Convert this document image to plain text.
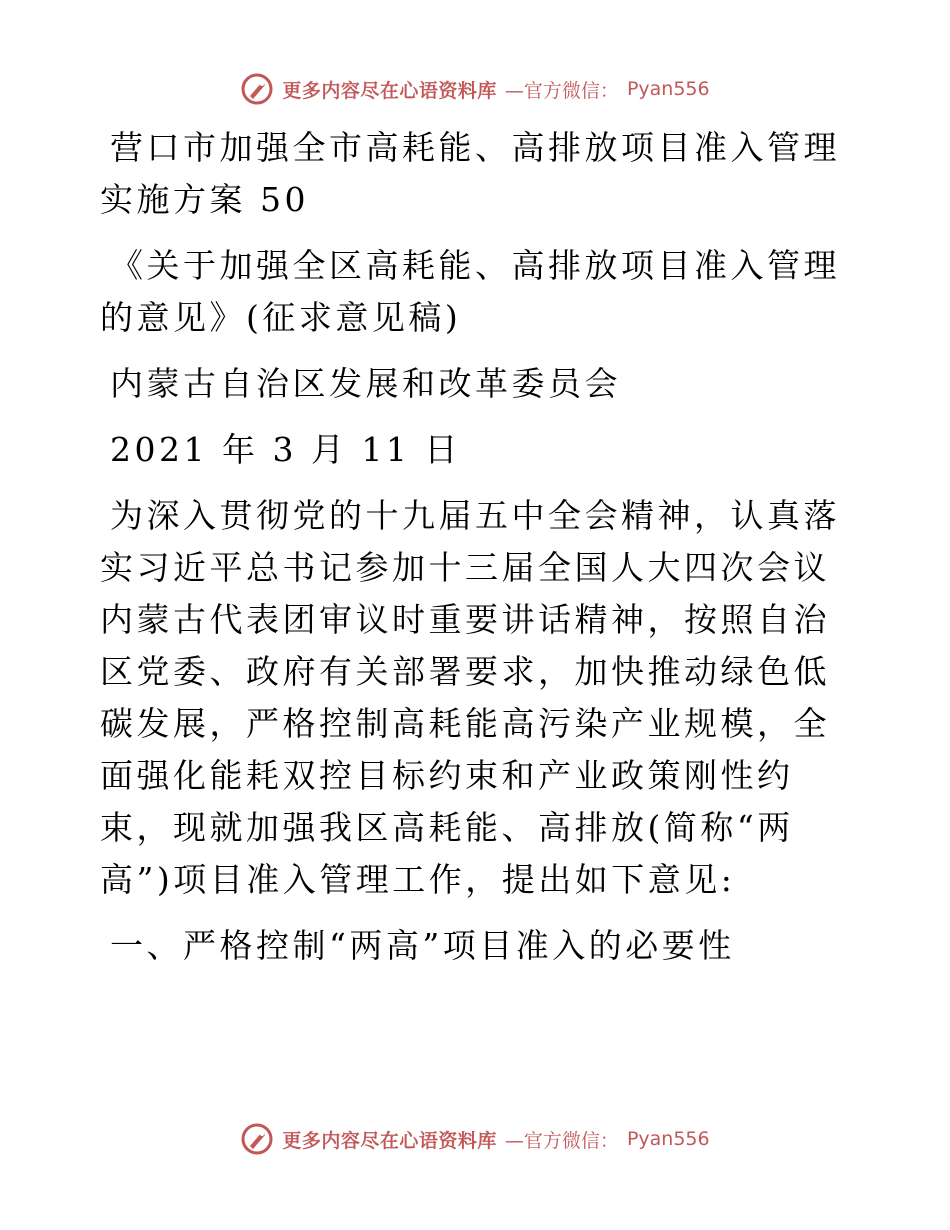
更多内容尽在心语资料库 —官方微信： Pyan556

营口市加强全市高耗能、高排放项目准入管理实施方案 50

《关于加强全区高耗能、高排放项目准入管理的意见》(征求意见稿)

内蒙古自治区发展和改革委员会

2021 年 3 月 11 日

为深入贯彻党的十九届五中全会精神，认真落实习近平总书记参加十三届全国人大四次会议内蒙古代表团审议时重要讲话精神，按照自治区党委、政府有关部署要求，加快推动绿色低碳发展，严格控制高耗能高污染产业规模，全面强化能耗双控目标约束和产业政策刚性约束，现就加强我区高耗能、高排放(简称“两高”)项目准入管理工作，提出如下意见:

一、严格控制“两高”项目准入的必要性

更多内容尽在心语资料库 —官方微信： Pyan556
